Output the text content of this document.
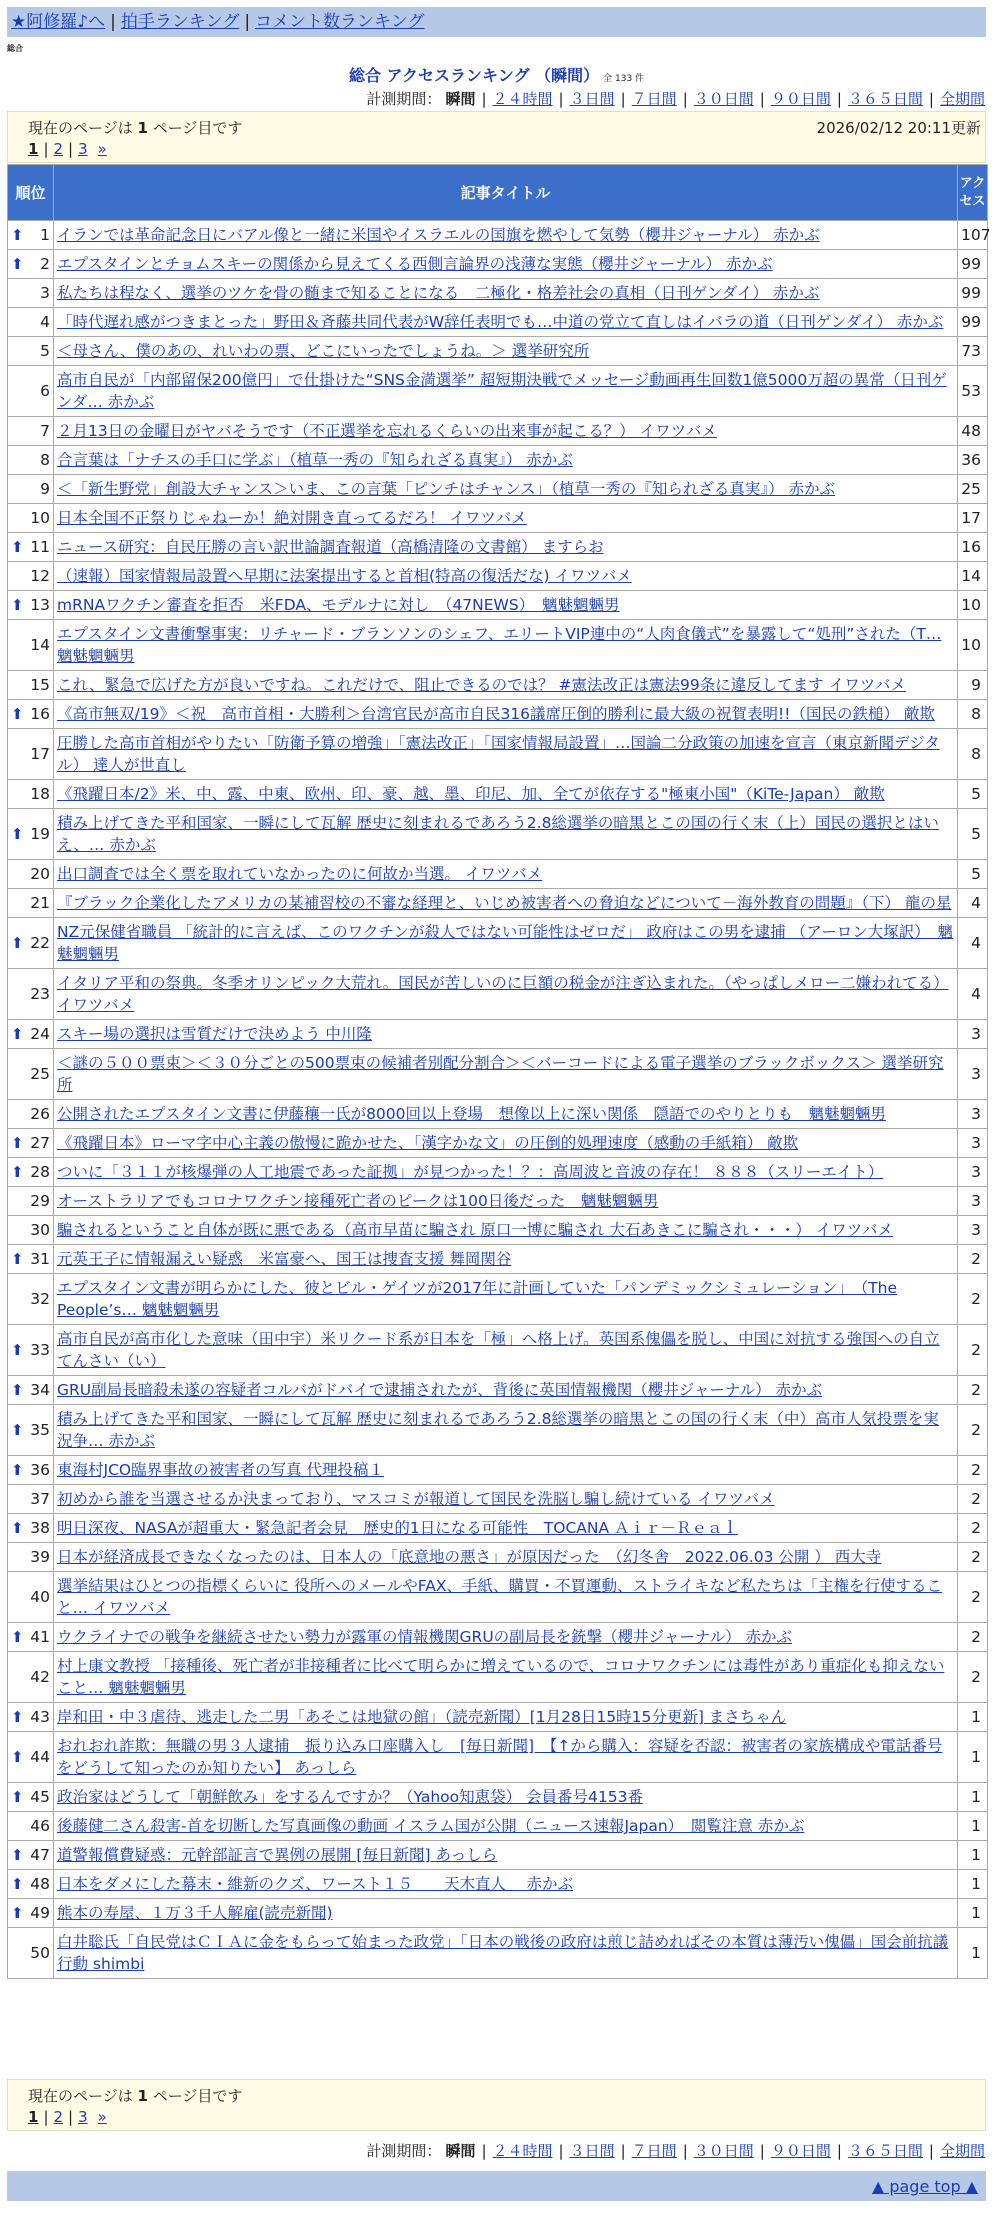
★阿修羅♪へ | 拍手ランキング | コメント数ランキング
総合
総合 アクセスランキング （瞬間） 全 133 件
計測期間： 瞬間 | ２４時間 | ３日間 | ７日間 | ３０日間 | ９０日間 | ３６５日間 | 全期間
現在のページは 1 ページ目です	2026/02/12 20:11更新
1 | 2 | 3 »
順位	記事タイトル	アクセス

⬆ 1	イランでは革命記念日にバアル像と一緒に米国やイスラエルの国旗を燃やして気勢（櫻井ジャーナル） 赤かぶ	107

⬆ 2	エプスタインとチョムスキーの関係から見えてくる西側言論界の浅薄な実態（櫻井ジャーナル） 赤かぶ	99
3	私たちは程なく、選挙のツケを骨の髄まで知ることになる　二極化・格差社会の真相（日刊ゲンダイ） 赤かぶ	99
4	「時代遅れ感がつきまとった」野田＆斉藤共同代表がW辞任表明でも…中道の党立て直しはイバラの道（日刊ゲンダイ） 赤かぶ	99
5	＜母さん、僕のあの、れいわの票、どこにいったでしょうね。＞ 選挙研究所	73
6	高市自民が「内部留保200億円」で仕掛けた“SNS金満選挙” 超短期決戦でメッセージ動画再生回数1億5000万超の異常（日刊ゲンダ… 赤かぶ	53
7	２月13日の金曜日がヤバそうです（不正選挙を忘れるくらいの出来事が起こる？） イワツバメ	48
8	合言葉は「ナチスの手口に学ぶ」（植草一秀の『知られざる真実』） 赤かぶ	36
9	＜「新生野党」創設大チャンス＞いま、この言葉「ピンチはチャンス」（植草一秀の『知られざる真実』） 赤かぶ	25
10	日本全国不正祭りじゃねーか！絶対開き直ってるだろ！ イワツバメ	17

⬆ 11	ニュース研究：自民圧勝の言い訳世論調査報道（高橋清隆の文書館） ますらお	16
12	（速報）国家情報局設置へ早期に法案提出すると首相(特高の復活だな) イワツバメ	14

⬆ 13	mRNAワクチン審査を拒否　米FDA、モデルナに対し　（47NEWS）　魑魅魍魎男	10
14	エプスタイン文書衝撃事実：リチャード・ブランソンのシェフ、エリートVIP連中の“人肉食儀式”を暴露して“処刑”された（T… 魑魅魍魎男	10
15	これ、緊急で広げた方が良いですね。これだけで、阻止できるのでは？ #憲法改正は憲法99条に違反してます イワツバメ	9

⬆ 16	《高市無双/19》＜祝　高市首相・大勝利＞台湾官民が高市自民316議席圧倒的勝利に最大級の祝賀表明!!（国民の鉄槌） 敵欺	8
17	圧勝した高市首相がやりたい「防衛予算の増強」「憲法改正」「国家情報局設置」…国論二分政策の加速を宣言（東京新聞デジタル） 達人が世直し	8
18	《飛躍日本/2》米、中、露、中東、欧州、印、豪、越、墨、印尼、加、全てが依存する"極東小国"（KiTe-Japan） 敵欺	5

⬆ 19	積み上げてきた平和国家、一瞬にして瓦解 歴史に刻まれるであろう2.8総選挙の暗黒とこの国の行く末（上）国民の選択とはいえ、… 赤かぶ	5
20	出口調査では全く票を取れていなかったのに何故か当選。 イワツバメ	5
21	『ブラック企業化したアメリカの某補習校の不審な経理と、いじめ被害者への脅迫などについて－海外教育の問題』（下） 龍の星	4

⬆ 22	NZ元保健省職員 「統計的に言えば、このワクチンが殺人ではない可能性はゼロだ」 政府はこの男を逮捕 （アーロン大塚訳）　魑魅魍魎男	4
23	イタリア平和の祭典。冬季オリンピック大荒れ。国民が苦しいのに巨額の税金が注ぎ込まれた。（やっぱしメロー二嫌われてる） イワツバメ	4

⬆ 24	スキー場の選択は雪質だけで決めよう 中川隆	3
25	＜謎の５００票束＞＜３０分ごとの500票束の候補者別配分割合＞＜バーコードによる電子選挙のブラックボックス＞ 選挙研究所	3
26	公開されたエプスタイン文書に伊藤穰一氏が8000回以上登場　想像以上に深い関係　隠語でのやりとりも　魑魅魍魎男	3

⬆ 27	《飛躍日本》ローマ字中心主義の傲慢に跪かせた、「漢字かな文」の圧倒的処理速度（感動の手紙箱） 敵欺	3

⬆ 28	ついに「３１１が核爆弾の人工地震であった証拠」が見つかった！？：高周波と音波の存在！ ８８８（スリーエイト）	3
29	オーストラリアでもコロナワクチン接種死亡者のピークは100日後だった　魑魅魍魎男	3
30	騙されるということ自体が既に悪である（高市早苗に騙され 原口一博に騙され 大石あきこに騙され・・・） イワツバメ	3

⬆ 31	元英王子に情報漏えい疑惑　米富豪へ、国王は捜査支援 舞岡関谷	2
32	エプスタイン文書が明らかにした、彼とビル・ゲイツが2017年に計画していた「パンデミックシミュレーション」　（The People’s… 魑魅魍魎男	2

⬆ 33	高市自民が高市化した意味（田中宇）米リクード系が日本を「極」へ格上げ。英国系傀儡を脱し、中国に対抗する強国への自立 てんさい（い）	2

⬆ 34	GRU副局長暗殺未遂の容疑者コルバがドバイで逮捕されたが、背後に英国情報機関（櫻井ジャーナル） 赤かぶ	2

⬆ 35	積み上げてきた平和国家、一瞬にして瓦解 歴史に刻まれるであろう2.8総選挙の暗黒とこの国の行く末（中）高市人気投票を実況争… 赤かぶ	2

⬆ 36	東海村JCO臨界事故の被害者の写真 代理投稿１	2
37	初めから誰を当選させるか決まっており、マスコミが報道して国民を洗脳し騙し続けている イワツバメ	2

⬆ 38	明日深夜、NASAが超重大・緊急記者会見　歴史的1日になる可能性　TOCANA Ａｉｒ－Ｒｅａｌ	2
39	日本が経済成長できなくなったのは、日本人の「底意地の悪さ」が原因だった　（幻冬舎　2022.06.03 公開 ） 西大寺	2
40	選挙結果はひとつの指標くらいに 役所へのメールやFAX、手紙、購買・不買運動、ストライキなど私たちは「主権を行使すること… イワツバメ	2

⬆ 41	ウクライナでの戦争を継続させたい勢力が露軍の情報機関GRUの副局長を銃撃（櫻井ジャーナル） 赤かぶ	2
42	村上康文教授 「接種後、死亡者が非接種者に比べて明らかに増えているので、コロナワクチンには毒性があり重症化も抑えないこと… 魑魅魍魎男	2

⬆ 43	岸和田・中３虐待、逃走した二男「あそこは地獄の館」（読売新聞）[1月28日15時15分更新] まさちゃん	1

⬆ 44	おれおれ詐欺：無職の男３人逮捕　振り込み口座購入し　[毎日新聞]　【↑から購入：容疑を否認：被害者の家族構成や電話番号をどうして知ったのか知りたい】 あっしら	1

⬆ 45	政治家はどうして「朝鮮飲み」をするんですか？（Yahoo知恵袋） 会員番号4153番	1
46	後藤健二さん殺害-首を切断した写真画像の動画 イスラム国が公開（ニュース速報Japan）　閲覧注意 赤かぶ	1

⬆ 47	道警報償費疑惑：元幹部証言で異例の展開 [毎日新聞] あっしら	1

⬆ 48	日本をダメにした幕末・維新のクズ、ワースト１５　　天木直人　 赤かぶ	1

⬆ 49	熊本の寿屋、１万３千人解雇(読売新聞)	1
50	白井聡氏「自民党はＣＩＡに金をもらって始まった政党」「日本の戦後の政府は煎じ詰めればその本質は薄汚い傀儡」国会前抗議行動 shimbi	1
現在のページは 1 ページ目です
1 | 2 | 3 »
計測期間： 瞬間 | ２４時間 | ３日間 | ７日間 | ３０日間 | ９０日間 | ３６５日間 | 全期間
▲ page top ▲
